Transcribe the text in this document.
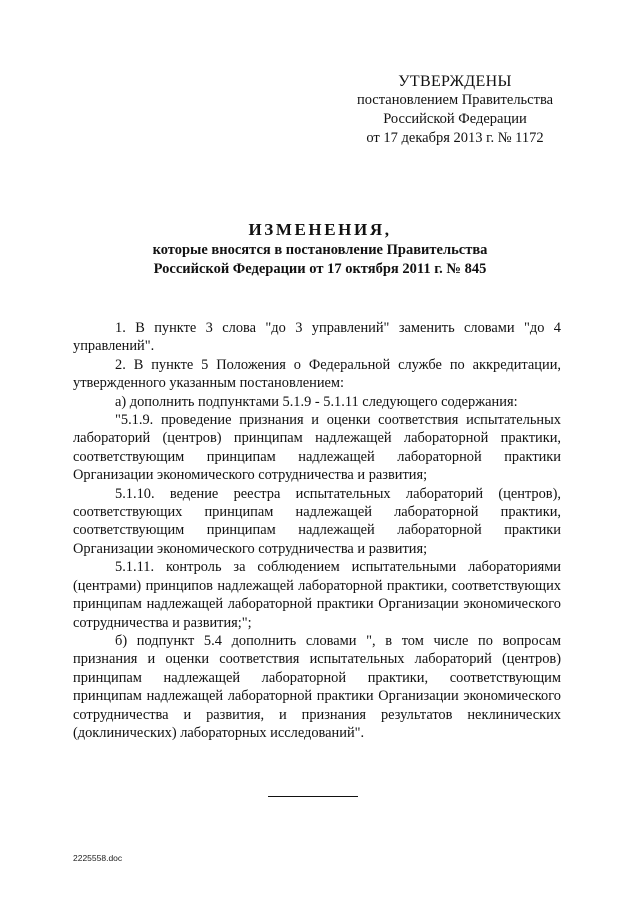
УТВЕРЖДЕНЫ
постановлением Правительства
Российской Федерации
от 17 декабря 2013 г. № 1172
ИЗМЕНЕНИЯ,
которые вносятся в постановление Правительства
Российской Федерации от 17 октября 2011 г. № 845

1. В пункте 3 слова "до 3 управлений" заменить словами "до 4 управлений".

2. В пункте 5 Положения о Федеральной службе по аккредитации, утвержденного указанным постановлением:

а) дополнить подпунктами 5.1.9 - 5.1.11 следующего содержания:

"5.1.9. проведение признания и оценки соответствия испытательных лабораторий (центров) принципам надлежащей лабораторной практики, соответствующим принципам надлежащей лабораторной практики Организации экономического сотрудничества и развития;

5.1.10. ведение реестра испытательных лабораторий (центров), соответствующих принципам надлежащей лабораторной практики, соответствующим принципам надлежащей лабораторной практики Организации экономического сотрудничества и развития;

5.1.11. контроль за соблюдением испытательными лабораториями (центрами) принципов надлежащей лабораторной практики, соответствующих принципам надлежащей лабораторной практики Организации экономического сотрудничества и развития;";

б) подпункт 5.4 дополнить словами ", в том числе по вопросам признания и оценки соответствия испытательных лабораторий (центров) принципам надлежащей лабораторной практики, соответствующим принципам надлежащей лабораторной практики Организации экономического сотрудничества и развития, и признания результатов неклинических (доклинических) лабораторных исследований".

2225558.doc
